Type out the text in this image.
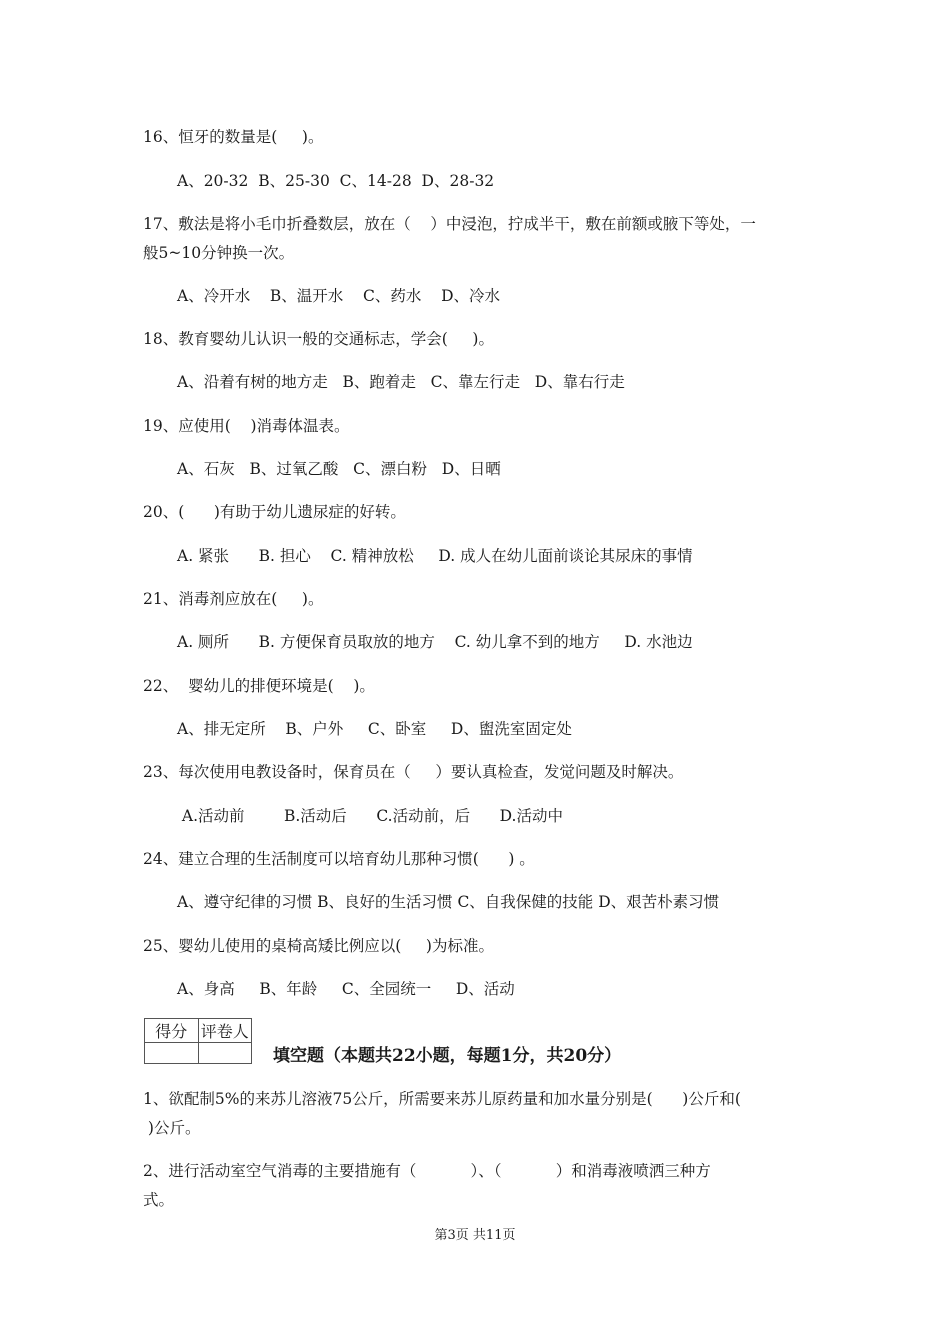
16、恒牙的数量是(     )。
A、20-32  B、25-30  C、14-28  D、28-32
17、敷法是将小毛巾折叠数层，放在（    ）中浸泡，拧成半干，敷在前额或腋下等处，一
般5~10分钟换一次。
A、冷开水    B、温开水    C、药水    D、冷水
18、教育婴幼儿认识一般的交通标志，学会(     )。
A、沿着有树的地方走   B、跑着走   C、靠左行走   D、靠右行走
19、应使用(    )消毒体温表。
A、石灰   B、过氧乙酸   C、漂白粉   D、日晒
20、(      )有助于幼儿遗尿症的好转。
A. 紧张      B. 担心    C. 精神放松     D. 成人在幼儿面前谈论其尿床的事情
21、消毒剂应放在(     )。
A. 厕所      B. 方便保育员取放的地方    C. 幼儿拿不到的地方     D. 水池边
22、  婴幼儿的排便环境是(    )。
A、排无定所    B、户外     C、卧室     D、盥洗室固定处
23、每次使用电教设备时，保育员在（     ）要认真检查，发觉问题及时解决。
A.活动前        B.活动后      C.活动前，后      D.活动中
24、建立合理的生活制度可以培育幼儿那种习惯(      ) 。
A、遵守纪律的习惯 B、良好的生活习惯 C、自我保健的技能 D、艰苦朴素习惯
25、婴幼儿使用的桌椅高矮比例应以(     )为标准。
A、身高     B、年龄     C、全园统一     D、活动
得分	评卷人

填空题（本题共22小题，每题1分，共20分）
1、欲配制5%的来苏儿溶液75公斤，所需要来苏儿原药量和加水量分别是(      )公斤和(
)公斤。
2、进行活动室空气消毒的主要措施有（           ）、（           ）和消毒液喷洒三种方
式。
第3页 共11页
